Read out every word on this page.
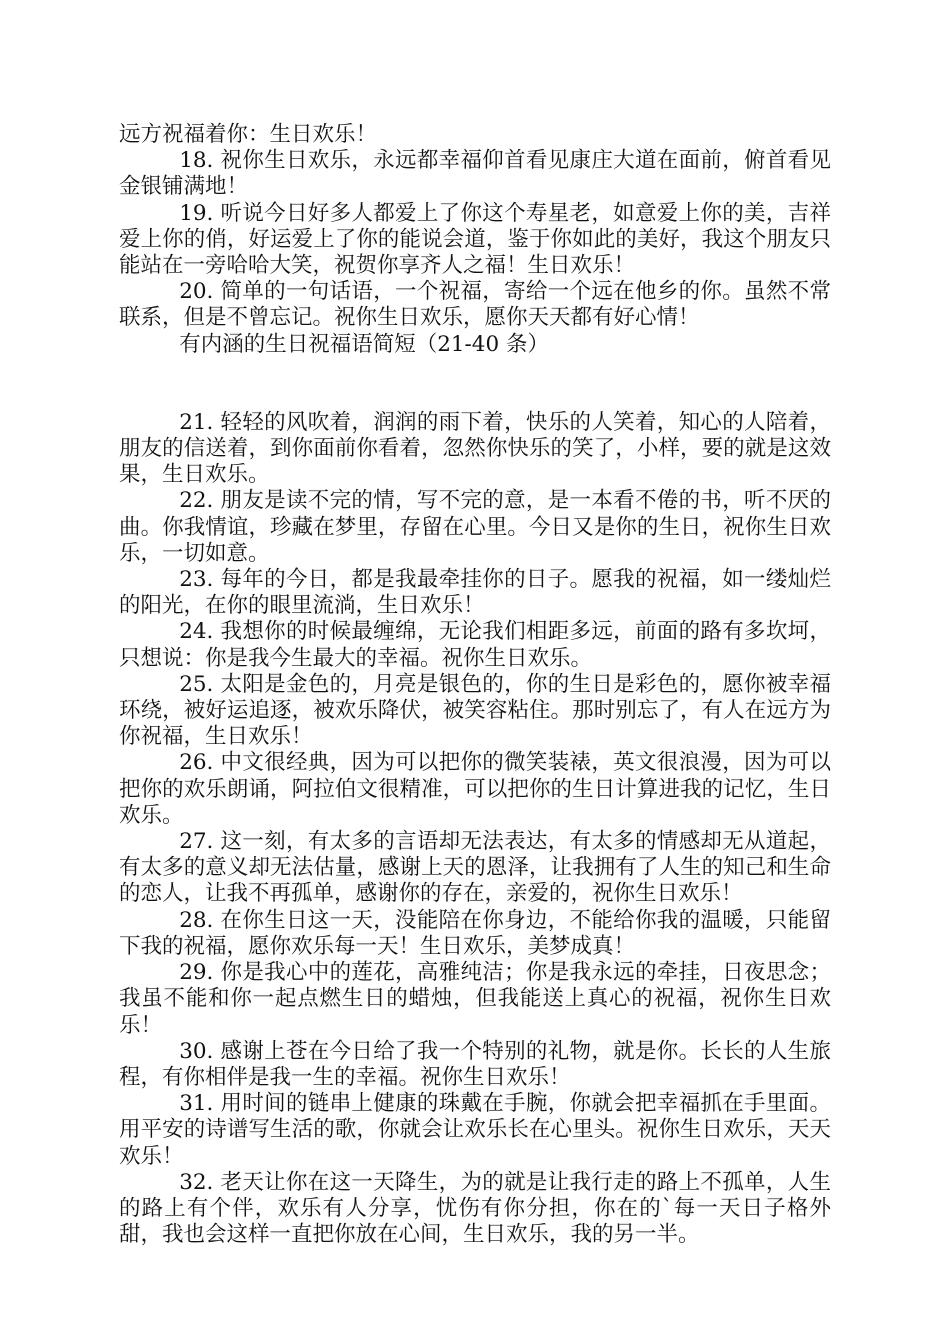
远方祝福着你：生日欢乐！

18. 祝你生日欢乐，永远都幸福仰首看见康庄大道在面前，俯首看见金银铺满地！

19. 听说今日好多人都爱上了你这个寿星老，如意爱上你的美，吉祥爱上你的俏，好运爱上了你的能说会道，鉴于你如此的美好，我这个朋友只能站在一旁哈哈大笑，祝贺你享齐人之福！生日欢乐！

20. 简单的一句话语，一个祝福，寄给一个远在他乡的你。虽然不常联系，但是不曾忘记。祝你生日欢乐，愿你天天都有好心情！

有内涵的生日祝福语简短（21-40 条）

21. 轻轻的风吹着，润润的雨下着，快乐的人笑着，知心的人陪着，朋友的信送着，到你面前你看着，忽然你快乐的笑了，小样，要的就是这效果，生日欢乐。

22. 朋友是读不完的情，写不完的意，是一本看不倦的书，听不厌的曲。你我情谊，珍藏在梦里，存留在心里。今日又是你的生日，祝你生日欢乐，一切如意。

23. 每年的今日，都是我最牵挂你的日子。愿我的祝福，如一缕灿烂的阳光，在你的眼里流淌，生日欢乐！

24. 我想你的时候最缠绵，无论我们相距多远，前面的路有多坎坷，只想说：你是我今生最大的幸福。祝你生日欢乐。

25. 太阳是金色的，月亮是银色的，你的生日是彩色的，愿你被幸福环绕，被好运追逐，被欢乐降伏，被笑容粘住。那时别忘了，有人在远方为你祝福，生日欢乐！

26. 中文很经典，因为可以把你的微笑装裱，英文很浪漫，因为可以把你的欢乐朗诵，阿拉伯文很精准，可以把你的生日计算进我的记忆，生日欢乐。

27. 这一刻，有太多的言语却无法表达，有太多的情感却无从道起，有太多的意义却无法估量，感谢上天的恩泽，让我拥有了人生的知己和生命的恋人，让我不再孤单，感谢你的存在，亲爱的，祝你生日欢乐！

28. 在你生日这一天，没能陪在你身边，不能给你我的温暖，只能留下我的祝福，愿你欢乐每一天！生日欢乐，美梦成真！

29. 你是我心中的莲花，高雅纯洁；你是我永远的牵挂，日夜思念；我虽不能和你一起点燃生日的蜡烛，但我能送上真心的祝福，祝你生日欢乐！

30. 感谢上苍在今日给了我一个特别的礼物，就是你。长长的人生旅程，有你相伴是我一生的幸福。祝你生日欢乐！

31. 用时间的链串上健康的珠戴在手腕，你就会把幸福抓在手里面。用平安的诗谱写生活的歌，你就会让欢乐长在心里头。祝你生日欢乐，天天欢乐！

32. 老天让你在这一天降生，为的就是让我行走的路上不孤单，人生的路上有个伴，欢乐有人分享，忧伤有你分担，你在的`每一天日子格外甜，我也会这样一直把你放在心间，生日欢乐，我的另一半。
